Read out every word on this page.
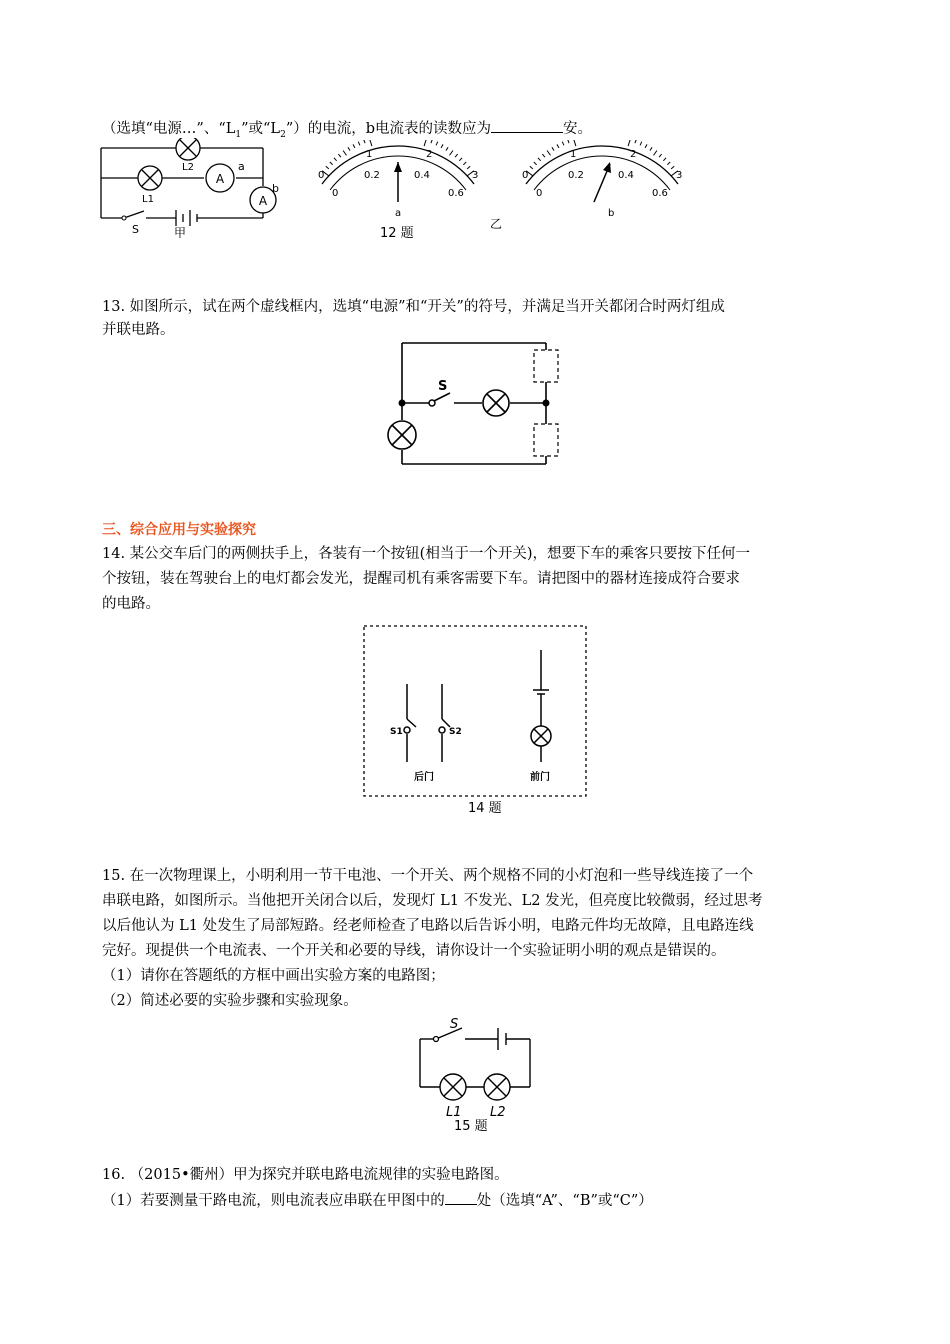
（选填“电源…”、“$L_1$”或“$L_2$”）的电流，b电流表的读数应为	安。
A
A
L2
L1
a
b
S	甲
0
1	2
3
0
0.2	0.4
0.6
a
0
1	2
3
0
0.2	0.4
0.6
b
12 题
乙
13. 如图所示，试在两个虚线框内，选填“电源”和“开关”的符号，并满足当开关都闭合时两灯组成
并联电路。
S
三、综合应用与实验探究
14. 某公交车后门的两侧扶手上，各装有一个按钮(相当于一个开关)，想要下车的乘客只要按下任何一
个按钮，装在驾驶台上的电灯都会发光，提醒司机有乘客需要下车。请把图中的器材连接成符合要求
的电路。
S1	S2
后门	前门
14 题
15. 在一次物理课上，小明利用一节干电池、一个开关、两个规格不同的小灯泡和一些导线连接了一个
串联电路，如图所示。当他把开关闭合以后，发现灯 L1 不发光、L2 发光，但亮度比较微弱，经过思考
以后他认为 L1 处发生了局部短路。经老师检查了电路以后告诉小明，电路元件均无故障，且电路连线
完好。现提供一个电流表、一个开关和必要的导线，请你设计一个实验证明小明的观点是错误的。
（1）请你在答题纸的方框中画出实验方案的电路图；
（2）简述必要的实验步骤和实验现象。
S
L1 L2
15 题
16. （2015•衢州）甲为探究并联电路电流规律的实验电路图。
（1）若要测量干路电流，则电流表应串联在甲图中的 处（选填“A”、“B”或“C”）
